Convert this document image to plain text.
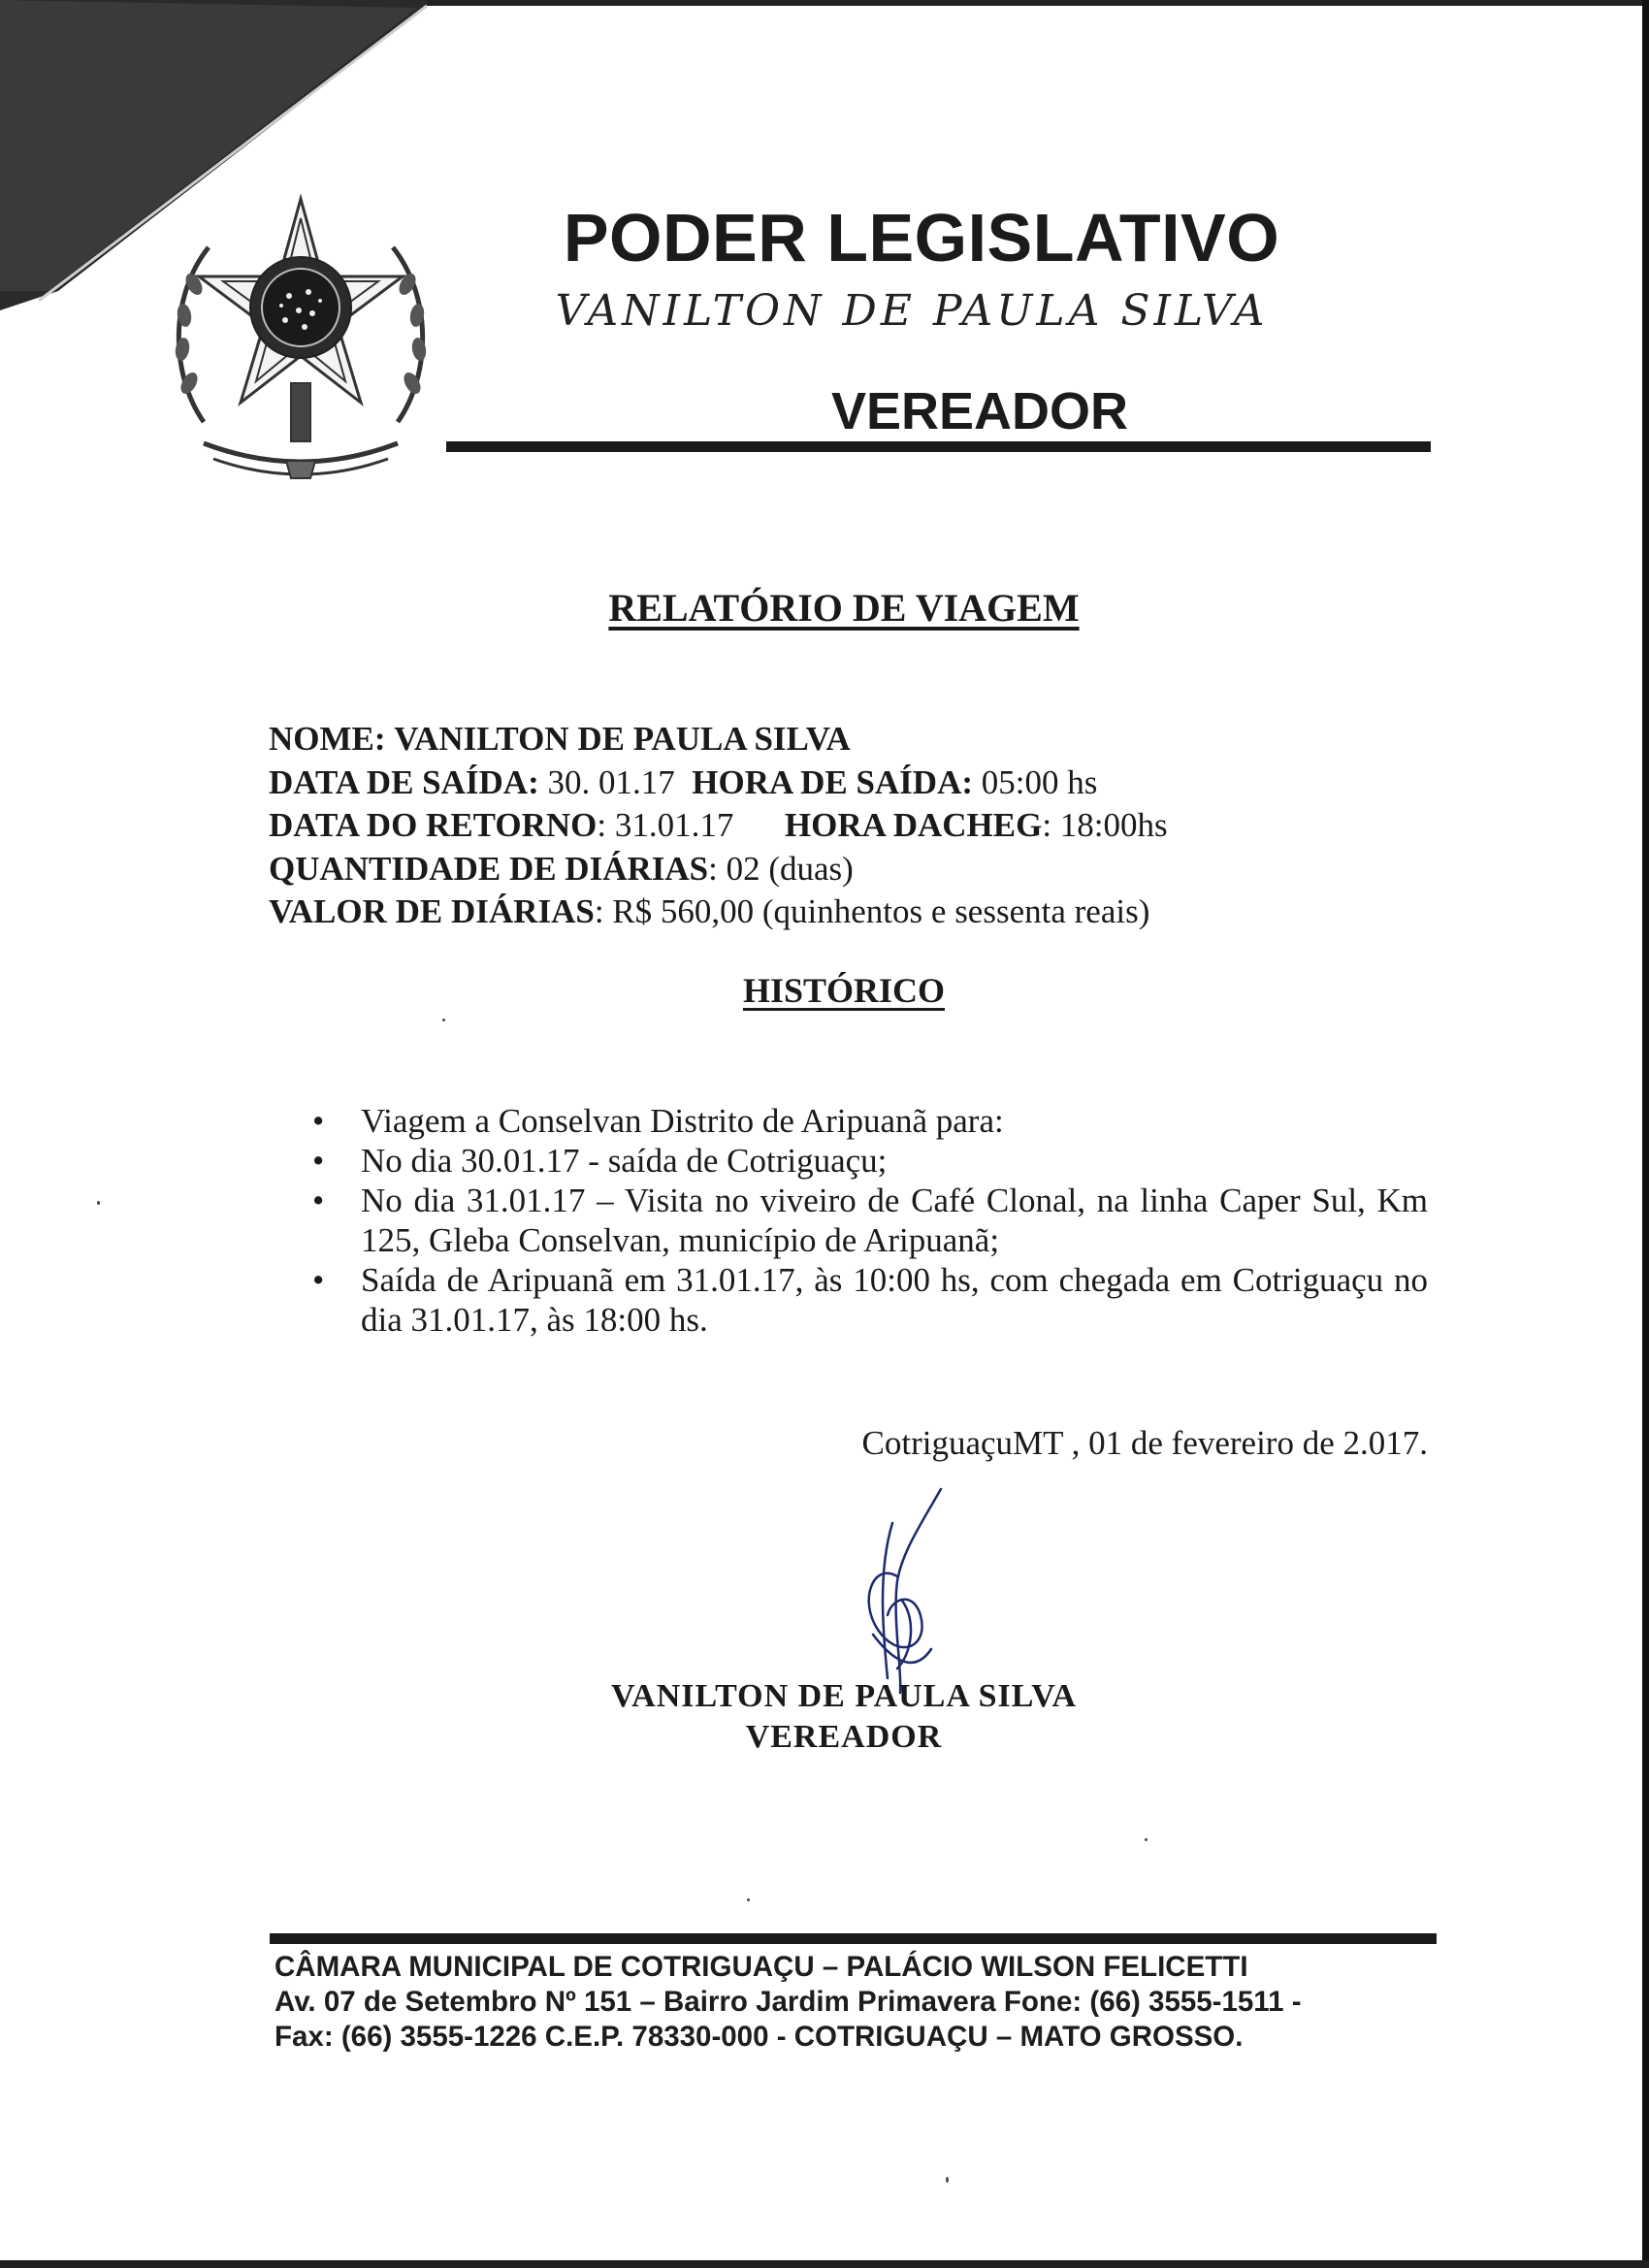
PODER LEGISLATIVO
VANILTON DE PAULA SILVA
VEREADOR
RELATÓRIO DE VIAGEM
NOME: VANILTON DE PAULA SILVA
DATA DE SAÍDA: 30. 01.17 HORA DE SAÍDA: 05:00 hs
DATA DO RETORNO: 31.01.17 HORA DACHEG: 18:00hs
QUANTIDADE DE DIÁRIAS: 02 (duas)
VALOR DE DIÁRIAS: R$ 560,00 (quinhentos e sessenta reais)
HISTÓRICO
• Viagem a Conselvan Distrito de Aripuanã para:
• No dia 30.01.17 - saída de Cotriguaçu;
• No dia 31.01.17 – Visita no viveiro de Café Clonal, na linha Caper Sul, Km 125, Gleba Conselvan, município de Aripuanã;
• Saída de Aripuanã em 31.01.17, às 10:00 hs, com chegada em Cotriguaçu no dia 31.01.17, às 18:00 hs.
CotriguaçuMT , 01 de fevereiro de 2.017.
VANILTON DE PAULA SILVA
VEREADOR
CÂMARA MUNICIPAL DE COTRIGUAÇU – PALÁCIO WILSON FELICETTI
Av. 07 de Setembro Nº 151 – Bairro Jardim Primavera Fone: (66) 3555-1511 -
Fax: (66) 3555-1226 C.E.P. 78330-000 - COTRIGUAÇU – MATO GROSSO.
